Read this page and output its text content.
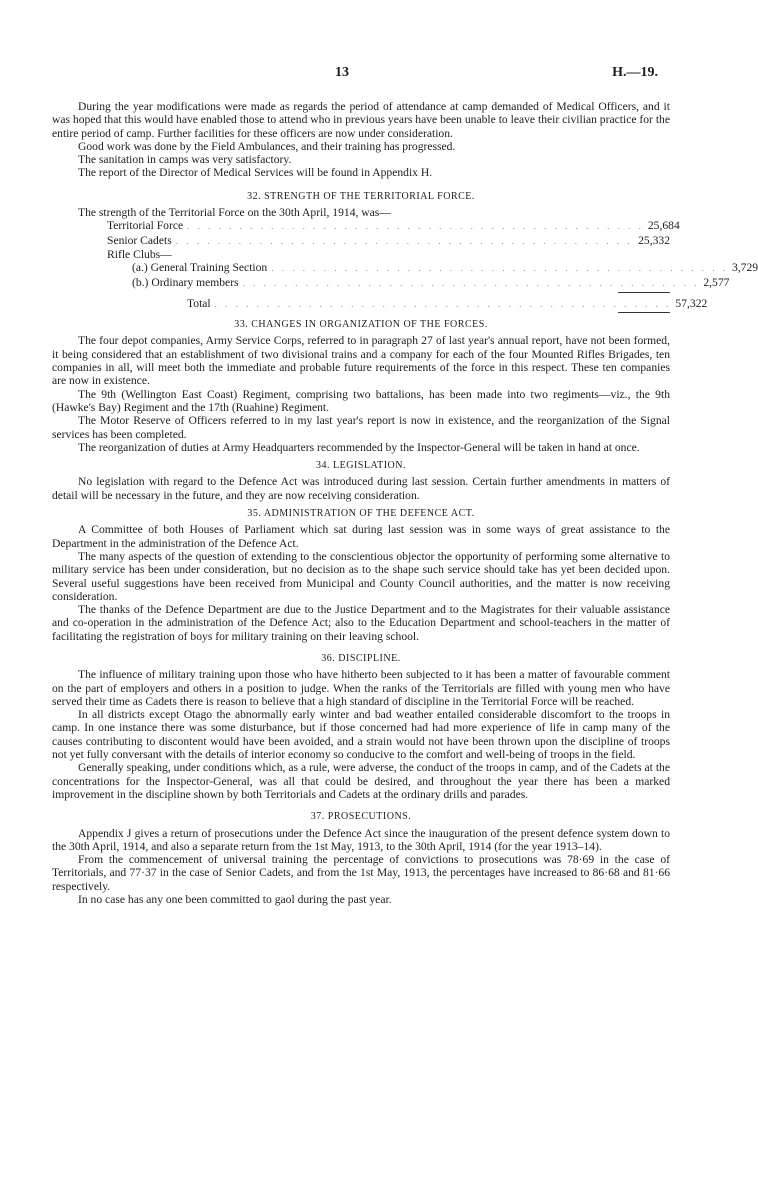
13	H.—19.

During the year modifications were made as regards the period of attendance at camp demanded of Medical Officers, and it was hoped that this would have enabled those to attend who in previous years have been unable to leave their civilian practice for the entire period of camp. Further facilities for these officers are now under consideration.

Good work was done by the Field Ambulances, and their training has progressed.

The sanitation in camps was very satisfactory.

The report of the Director of Medical Services will be found in Appendix H.

32. STRENGTH OF THE TERRITORIAL FORCE.

The strength of the Territorial Force on the 30th April, 1914, was—

Territorial Force . . . . . . . . . . . . . . . . . . . . . . . . . . . . . . . . . . . . . . . . . . . . 25,684
Senior Cadets . . . . . . . . . . . . . . . . . . . . . . . . . . . . . . . . . . . . . . . . . . . . 25,332
Rifle Clubs—
(a.) General Training Section . . . . . . . . . . . . . . . . . . . . . . . . . . . . . . . . . . . . . . . . . . . . 3,729
(b.) Ordinary members . . . . . . . . . . . . . . . . . . . . . . . . . . . . . . . . . . . . . . . . . . . . 2,577
Total . . . . . . . . . . . . . . . . . . . . . . . . . . . . . . . . . . . . . . . . . . . . 57,322
33. CHANGES IN ORGANIZATION OF THE FORCES.

The four depot companies, Army Service Corps, referred to in paragraph 27 of last year's annual report, have not been formed, it being considered that an establishment of two divisional trains and a company for each of the four Mounted Rifles Brigades, ten companies in all, will meet both the immediate and probable future requirements of the force in this respect. These ten companies are now in existence.

The 9th (Wellington East Coast) Regiment, comprising two battalions, has been made into two regiments—viz., the 9th (Hawke's Bay) Regiment and the 17th (Ruahine) Regiment.

The Motor Reserve of Officers referred to in my last year's report is now in existence, and the reorganization of the Signal services has been completed.

The reorganization of duties at Army Headquarters recommended by the Inspector-General will be taken in hand at once.

34. LEGISLATION.

No legislation with regard to the Defence Act was introduced during last session. Certain further amendments in matters of detail will be necessary in the future, and they are now receiving consideration.

35. ADMINISTRATION OF THE DEFENCE ACT.

A Committee of both Houses of Parliament which sat during last session was in some ways of great assistance to the Department in the administration of the Defence Act.

The many aspects of the question of extending to the conscientious objector the opportunity of performing some alternative to military service has been under consideration, but no decision as to the shape such service should take has yet been decided upon. Several useful suggestions have been received from Municipal and County Council authorities, and the matter is now receiving consideration.

The thanks of the Defence Department are due to the Justice Department and to the Magistrates for their valuable assistance and co-operation in the administration of the Defence Act; also to the Education Department and school-teachers in the matter of facilitating the registration of boys for military training on their leaving school.

36. DISCIPLINE.

The influence of military training upon those who have hitherto been subjected to it has been a matter of favourable comment on the part of employers and others in a position to judge. When the ranks of the Territorials are filled with young men who have served their time as Cadets there is reason to believe that a high standard of discipline in the Territorial Force will be reached.

In all districts except Otago the abnormally early winter and bad weather entailed considerable discomfort to the troops in camp. In one instance there was some disturbance, but if those concerned had had more experience of life in camp many of the causes contributing to discontent would have been avoided, and a strain would not have been thrown upon the discipline of troops not yet fully conversant with the details of interior economy so conducive to the comfort and well-being of troops in the field.

Generally speaking, under conditions which, as a rule, were adverse, the conduct of the troops in camp, and of the Cadets at the concentrations for the Inspector-General, was all that could be desired, and throughout the year there has been a marked improvement in the discipline shown by both Territorials and Cadets at the ordinary drills and parades.

37. PROSECUTIONS.

Appendix J gives a return of prosecutions under the Defence Act since the inauguration of the present defence system down to the 30th April, 1914, and also a separate return from the 1st May, 1913, to the 30th April, 1914 (for the year 1913–14).

From the commencement of universal training the percentage of convictions to prosecutions was 78·69 in the case of Territorials, and 77·37 in the case of Senior Cadets, and from the 1st May, 1913, the percentages have increased to 86·68 and 81·66 respectively.

In no case has any one been committed to gaol during the past year.
